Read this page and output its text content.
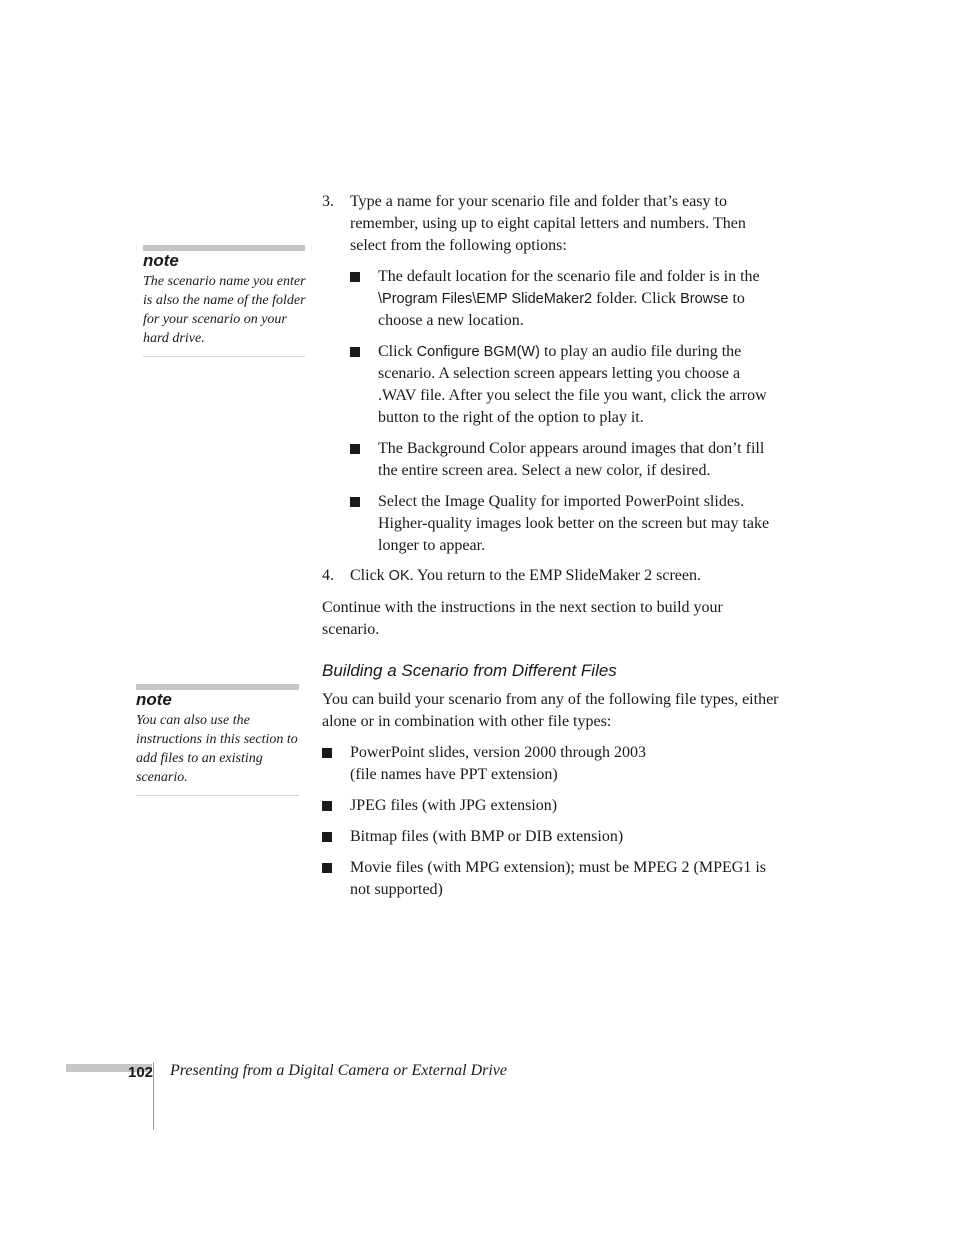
note
The scenario name you enter
is also the name of the folder
for your scenario on your
hard drive.
note
You can also use the
instructions in this section to
add files to an existing
scenario.
3.	Type a name for your scenario file and folder that’s easy to
remember, using up to eight capital letters and numbers. Then
select from the following options:
The default location for the scenario file and folder is in the
\Program Files\EMP SlideMaker2 folder. Click Browse to
choose a new location.
Click Configure BGM(W) to play an audio file during the
scenario. A selection screen appears letting you choose a
.WAV file. After you select the file you want, click the arrow
button to the right of the option to play it.
The Background Color appears around images that don’t fill
the entire screen area. Select a new color, if desired.
Select the Image Quality for imported PowerPoint slides.
Higher-quality images look better on the screen but may take
longer to appear.
4.	Click OK. You return to the EMP SlideMaker 2 screen.
Continue with the instructions in the next section to build your
scenario.
Building a Scenario from Different Files
You can build your scenario from any of the following file types, either
alone or in combination with other file types:
PowerPoint slides, version 2000 through 2003
(file names have PPT extension)
JPEG files (with JPG extension)
Bitmap files (with BMP or DIB extension)
Movie files (with MPG extension); must be MPEG 2 (MPEG1 is
not supported)
102 Presenting from a Digital Camera or External Drive
